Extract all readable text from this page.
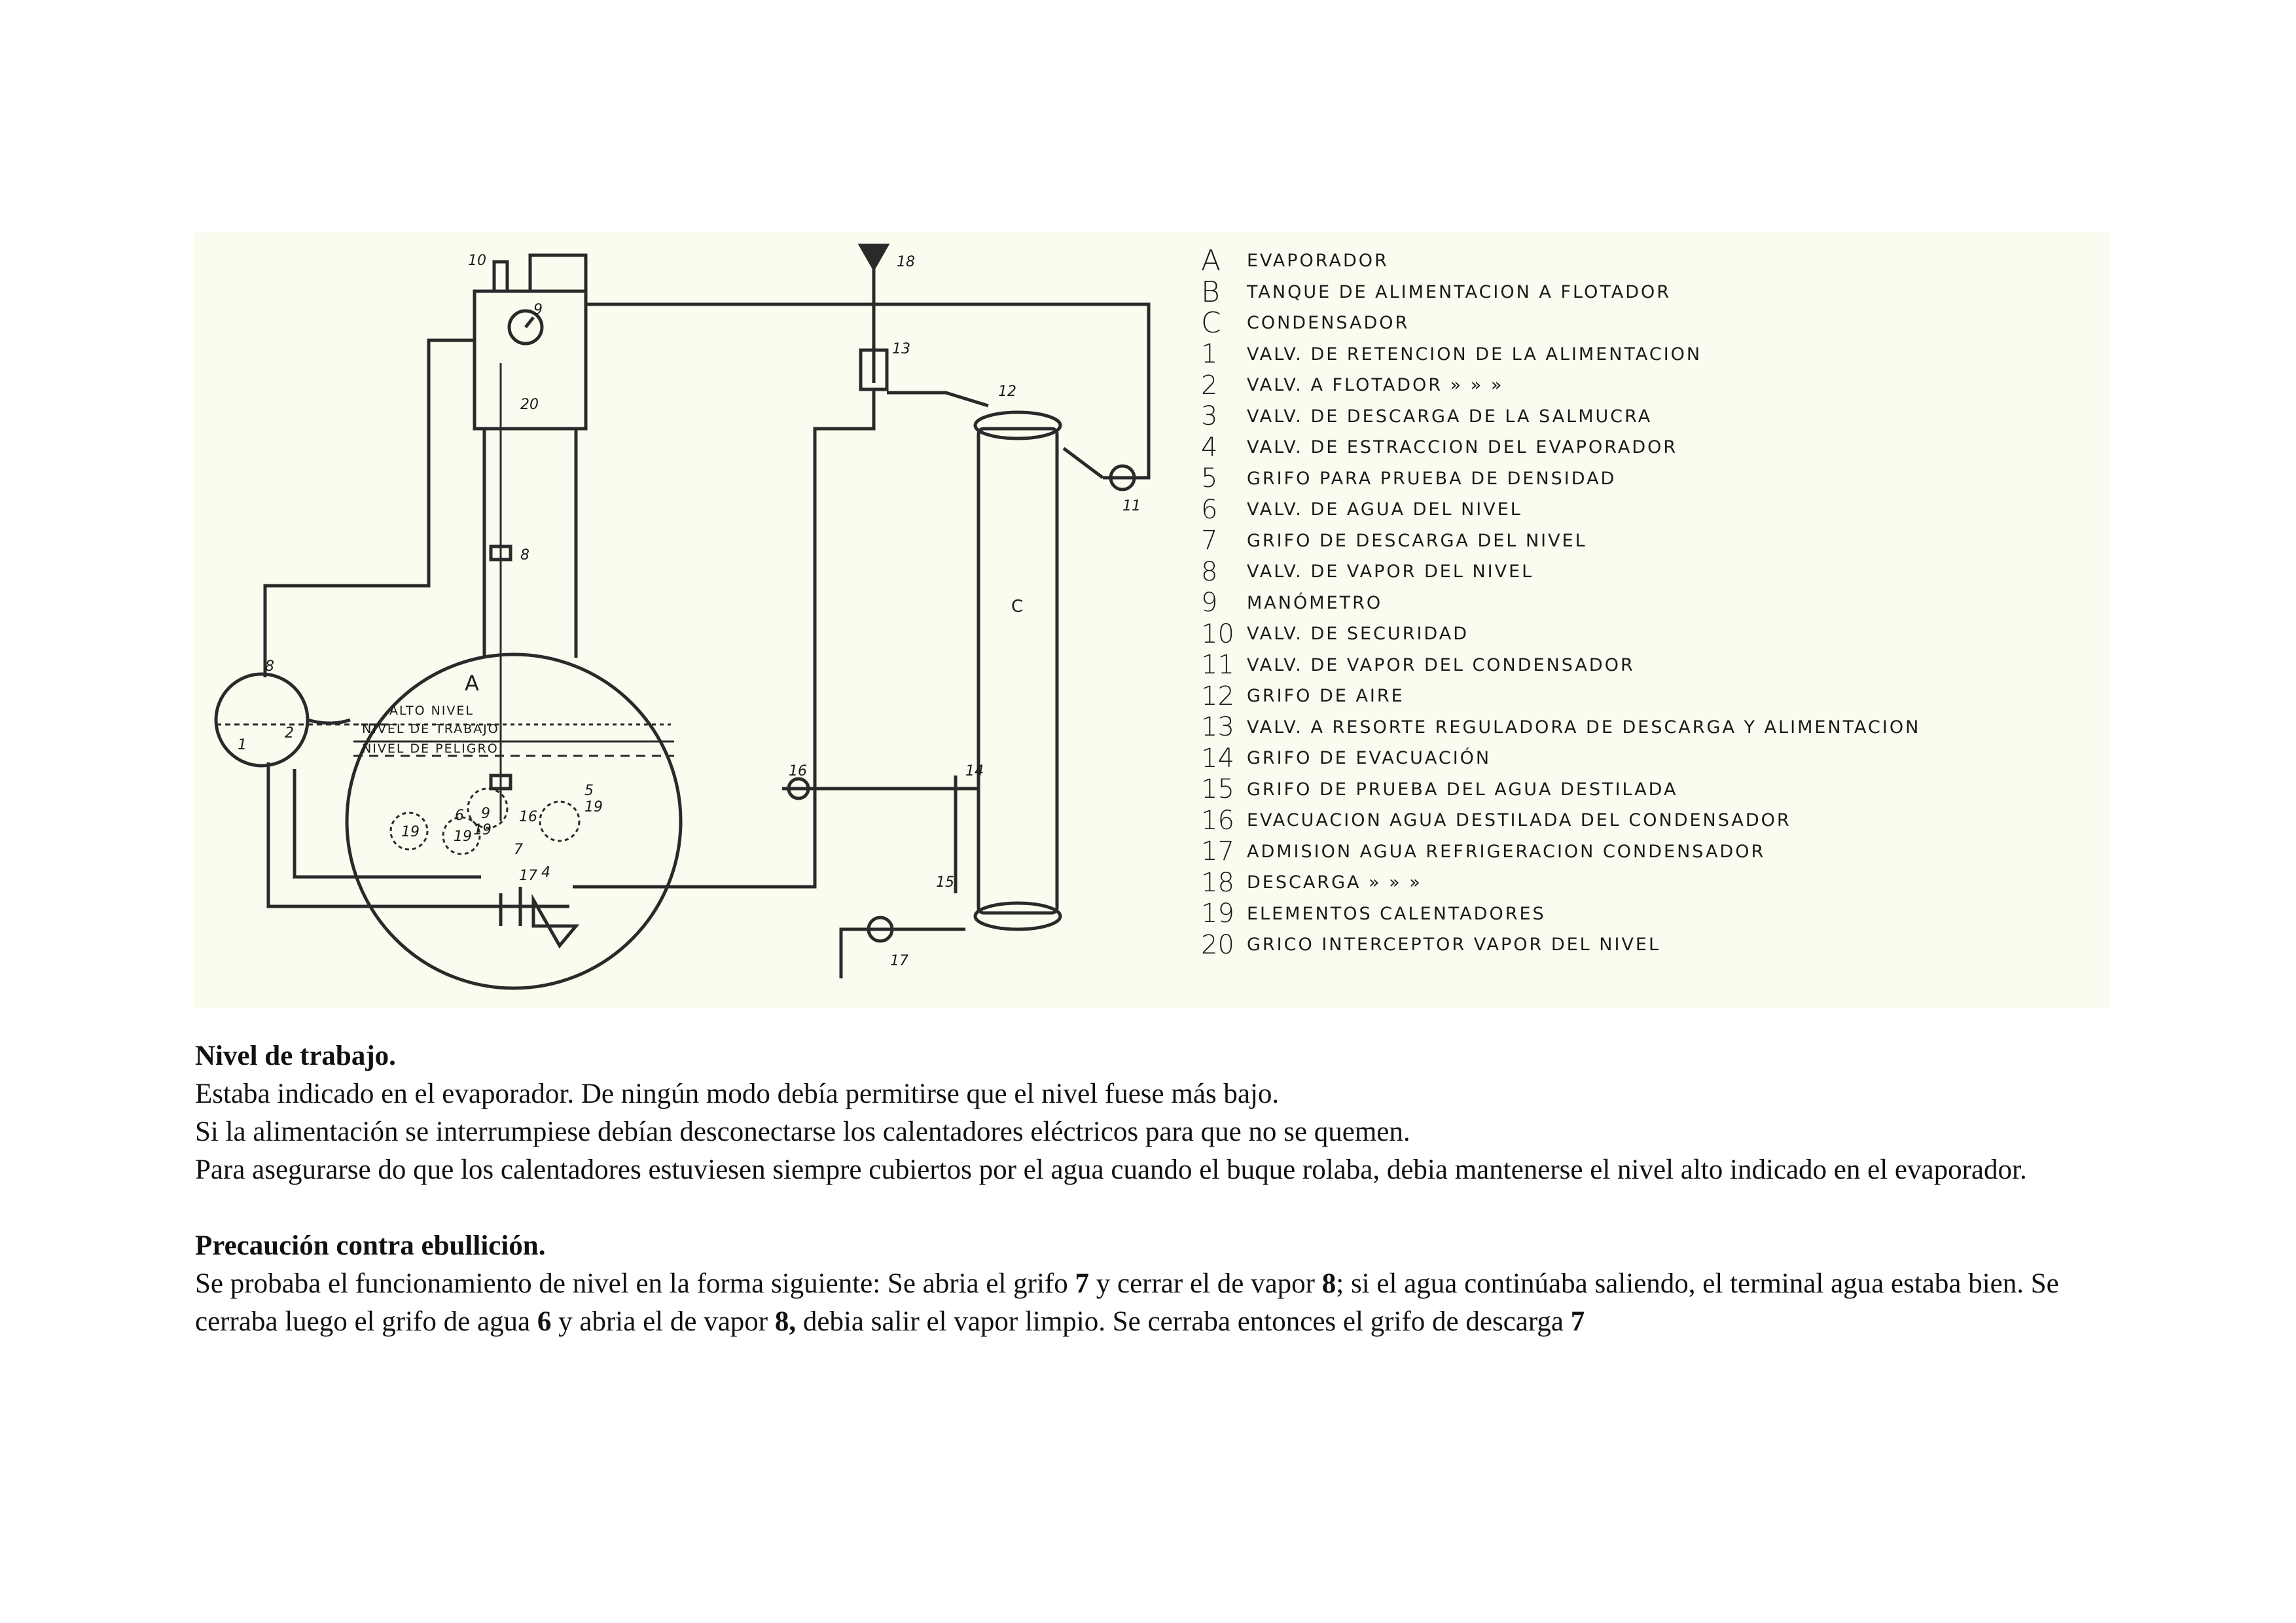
A
C
ALTO NIVEL
NIVEL DE TRABAJO
NIVEL DE PELIGRO
1
2
4
5
6
7
8
8
9
9
10
11
12
13
14
15
16
16
17
17
18
19 19 19
19
20
A	EVAPORADOR
B	TANQUE DE ALIMENTACION A FLOTADOR
C	CONDENSADOR
1	VALV. DE RETENCION DE LA ALIMENTACION
2	VALV. A FLOTADOR » » »
3	VALV. DE DESCARGA DE LA SALMUCRA
4	VALV. DE ESTRACCION DEL EVAPORADOR
5	GRIFO PARA PRUEBA DE DENSIDAD
6	VALV. DE AGUA DEL NIVEL
7	GRIFO DE DESCARGA DEL NIVEL
8	VALV. DE VAPOR DEL NIVEL
9	MANÓMETRO
10 VALV. DE SECURIDAD
11 VALV. DE VAPOR DEL CONDENSADOR
12 GRIFO DE AIRE
13 VALV. A RESORTE REGULADORA DE DESCARGA Y ALIMENTACION
14 GRIFO DE EVACUACIÓN
15 GRIFO DE PRUEBA DEL AGUA DESTILADA
16 EVACUACION AGUA DESTILADA DEL CONDENSADOR
17 ADMISION AGUA REFRIGERACION CONDENSADOR
18 DESCARGA » » »
19 ELEMENTOS CALENTADORES
20 GRICO INTERCEPTOR VAPOR DEL NIVEL

Nivel de trabajo.

Estaba indicado en el evaporador. De ningún modo debía permitirse que el nivel fuese más bajo.

Si la alimentación se interrumpiese debían desconectarse los calentadores eléctricos para que no se quemen.

Para asegurarse do que los calentadores estuviesen siempre cubiertos por el agua cuando el buque rolaba, debia mantenerse el nivel alto indicado en el evaporador.

Precaución contra ebullición.

Se probaba el funcionamiento de nivel en la forma siguiente: Se abria el grifo 7 y cerrar el de vapor 8; si el agua continúaba saliendo, el terminal agua estaba bien. Se cerraba luego el grifo de agua 6 y abria el de vapor 8, debia salir el vapor limpio. Se cerraba entonces el grifo de descarga 7
